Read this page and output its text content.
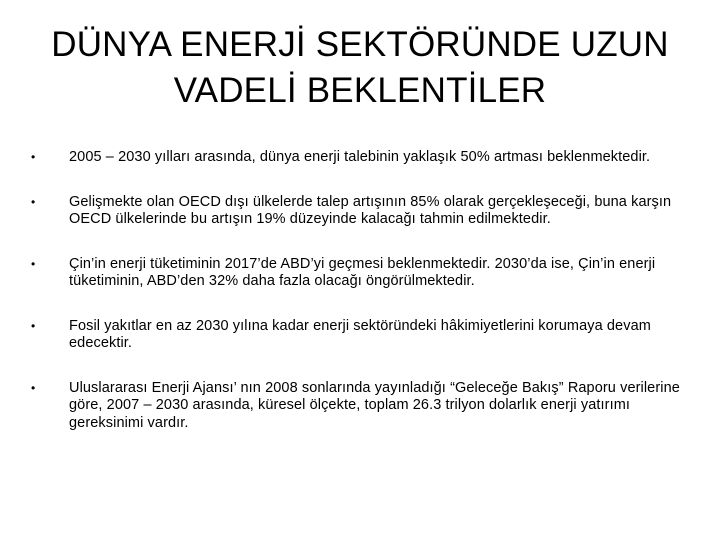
DÜNYA ENERJİ SEKTÖRÜNDE UZUN
VADELİ BEKLENTİLER
• 2005 – 2030 yılları arasında, dünya enerji talebinin yaklaşık 50% artması beklenmektedir.
• Gelişmekte olan OECD dışı ülkelerde talep artışının 85% olarak gerçekleşeceği, buna karşın OECD ülkelerinde bu artışın 19% düzeyinde kalacağı tahmin edilmektedir.
• Çin’in enerji tüketiminin 2017’de ABD’yi geçmesi beklenmektedir. 2030’da ise, Çin’in enerji tüketiminin, ABD’den 32% daha fazla olacağı öngörülmektedir.
• Fosil yakıtlar en az 2030 yılına kadar enerji sektöründeki hâkimiyetlerini korumaya devam edecektir.
• Uluslararası Enerji Ajansı’ nın 2008 sonlarında yayınladığı “Geleceğe Bakış” Raporu verilerine göre, 2007 – 2030 arasında, küresel ölçekte, toplam 26.3 trilyon dolarlık enerji yatırımı gereksinimi vardır.
